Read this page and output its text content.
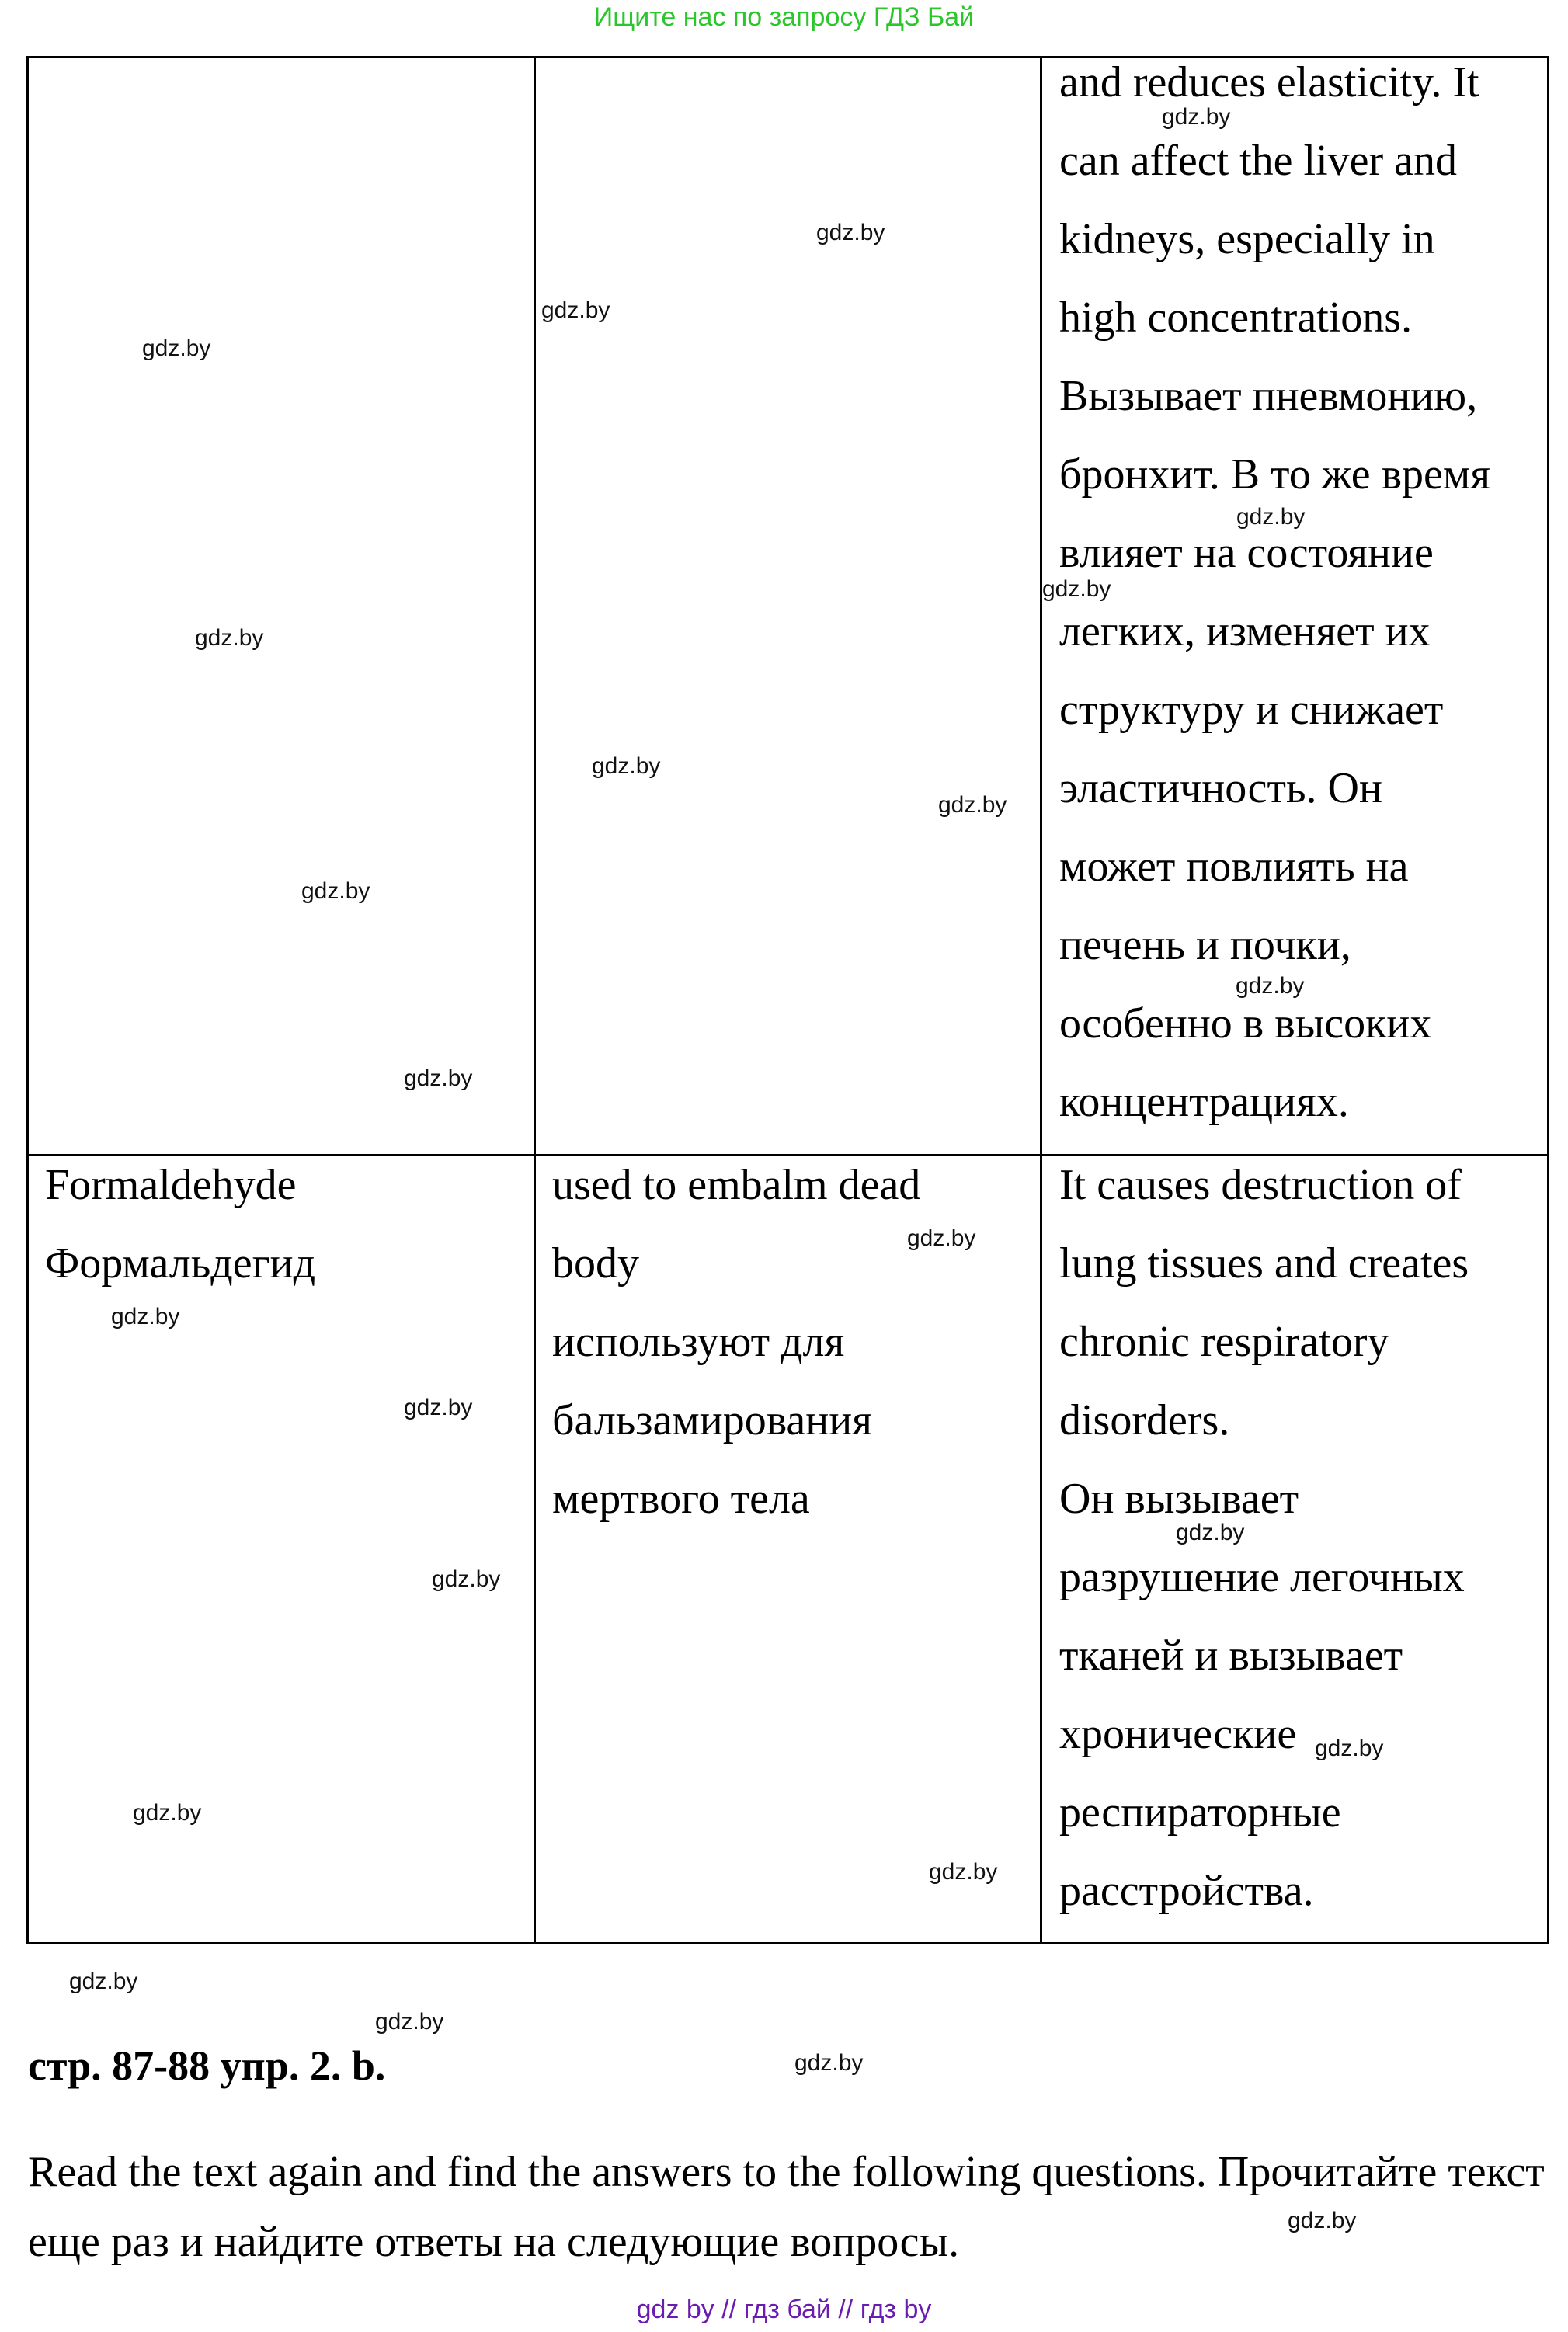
Ищите нас по запросу ГДЗ Бай
and reduces elasticity. It
can affect the liver and
kidneys, especially in
high concentrations.
Вызывает пневмонию,
бронхит. В то же время
влияет на состояние
легких, изменяет их
структуру и снижает
эластичность. Он
может повлиять на
печень и почки,
особенно в высоких
концентрациях.
Formaldehyde
Формальдегид
used to embalm dead
body
используют для
бальзамирования
мертвого тела
It causes destruction of
lung tissues and creates
chronic respiratory
disorders.
Он вызывает
разрушение легочных
тканей и вызывает
хронические
респираторные
расстройства.
стр. 87-88 упр. 2. b.
Read the text again and find the answers to the following questions. Прочитайте текст еще раз и найдите ответы на следующие вопросы.
gdz.by
gdz.by
gdz.by
gdz.by
gdz.by
gdz.by
gdz.by
gdz.by
gdz.by
gdz.by
gdz.by
gdz.by
gdz.by
gdz.by
gdz.by
gdz.by
gdz.by
gdz.by
gdz.by
gdz.by
gdz.by
gdz.by
gdz.by
gdz.by
gdz by // гдз бай // гдз by
